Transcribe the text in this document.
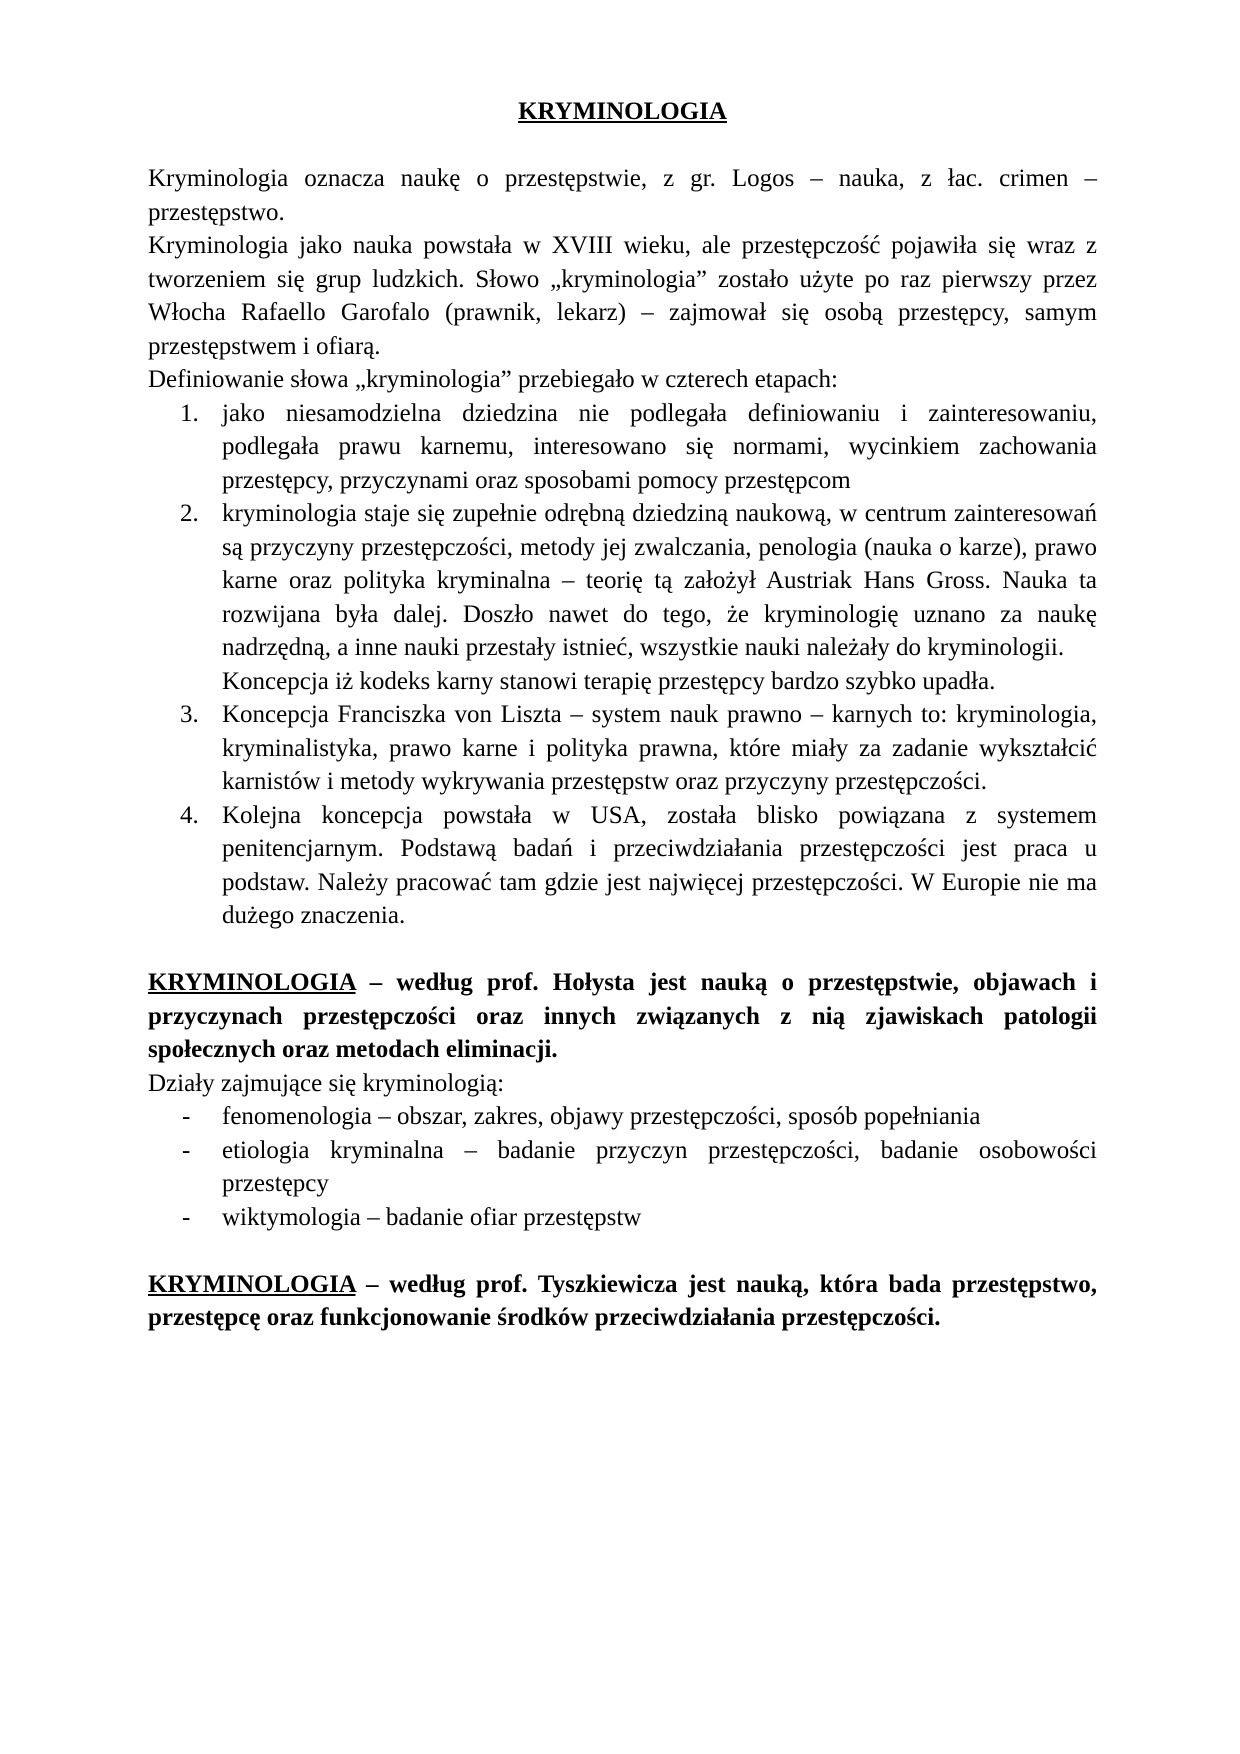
KRYMINOLOGIA

Kryminologia oznacza naukę o przestępstwie, z gr. Logos – nauka, z łac. crimen – przestępstwo.

Kryminologia jako nauka powstała w XVIII wieku, ale przestępczość pojawiła się wraz z tworzeniem się grup ludzkich. Słowo „kryminologia” zostało użyte po raz pierwszy przez Włocha Rafaello Garofalo (prawnik, lekarz) – zajmował się osobą przestępcy, samym przestępstwem i ofiarą.

Definiowanie słowa „kryminologia” przebiegało w czterech etapach:

1. jako niesamodzielna dziedzina nie podlegała definiowaniu i zainteresowaniu, podlegała prawu karnemu, interesowano się normami, wycinkiem zachowania przestępcy, przyczynami oraz sposobami pomocy przestępcom
2. kryminologia staje się zupełnie odrębną dziedziną naukową, w centrum zainteresowań są przyczyny przestępczości, metody jej zwalczania, penologia (nauka o karze), prawo karne oraz polityka kryminalna – teorię tą założył Austriak Hans Gross. Nauka ta rozwijana była dalej. Doszło nawet do tego, że kryminologię uznano za naukę nadrzędną, a inne nauki przestały istnieć, wszystkie nauki należały do kryminologii.

Koncepcja iż kodeks karny stanowi terapię przestępcy bardzo szybko upadła.

3. Koncepcja Franciszka von Liszta – system nauk prawno – karnych to: kryminologia, kryminalistyka, prawo karne i polityka prawna, które miały za zadanie wykształcić karnistów i metody wykrywania przestępstw oraz przyczyny przestępczości.
4. Kolejna koncepcja powstała w USA, została blisko powiązana z systemem penitencjarnym. Podstawą badań i przeciwdziałania przestępczości jest praca u podstaw. Należy pracować tam gdzie jest najwięcej przestępczości. W Europie nie ma dużego znaczenia.

KRYMINOLOGIA – według prof. Hołysta jest nauką o przestępstwie, objawach i przyczynach przestępczości oraz innych związanych z nią zjawiskach patologii społecznych oraz metodach eliminacji.

Działy zajmujące się kryminologią:

- fenomenologia – obszar, zakres, objawy przestępczości, sposób popełniania
- etiologia kryminalna – badanie przyczyn przestępczości, badanie osobowości przestępcy
- wiktymologia – badanie ofiar przestępstw

KRYMINOLOGIA – według prof. Tyszkiewicza jest nauką, która bada przestępstwo, przestępcę oraz funkcjonowanie środków przeciwdziałania przestępczości.
